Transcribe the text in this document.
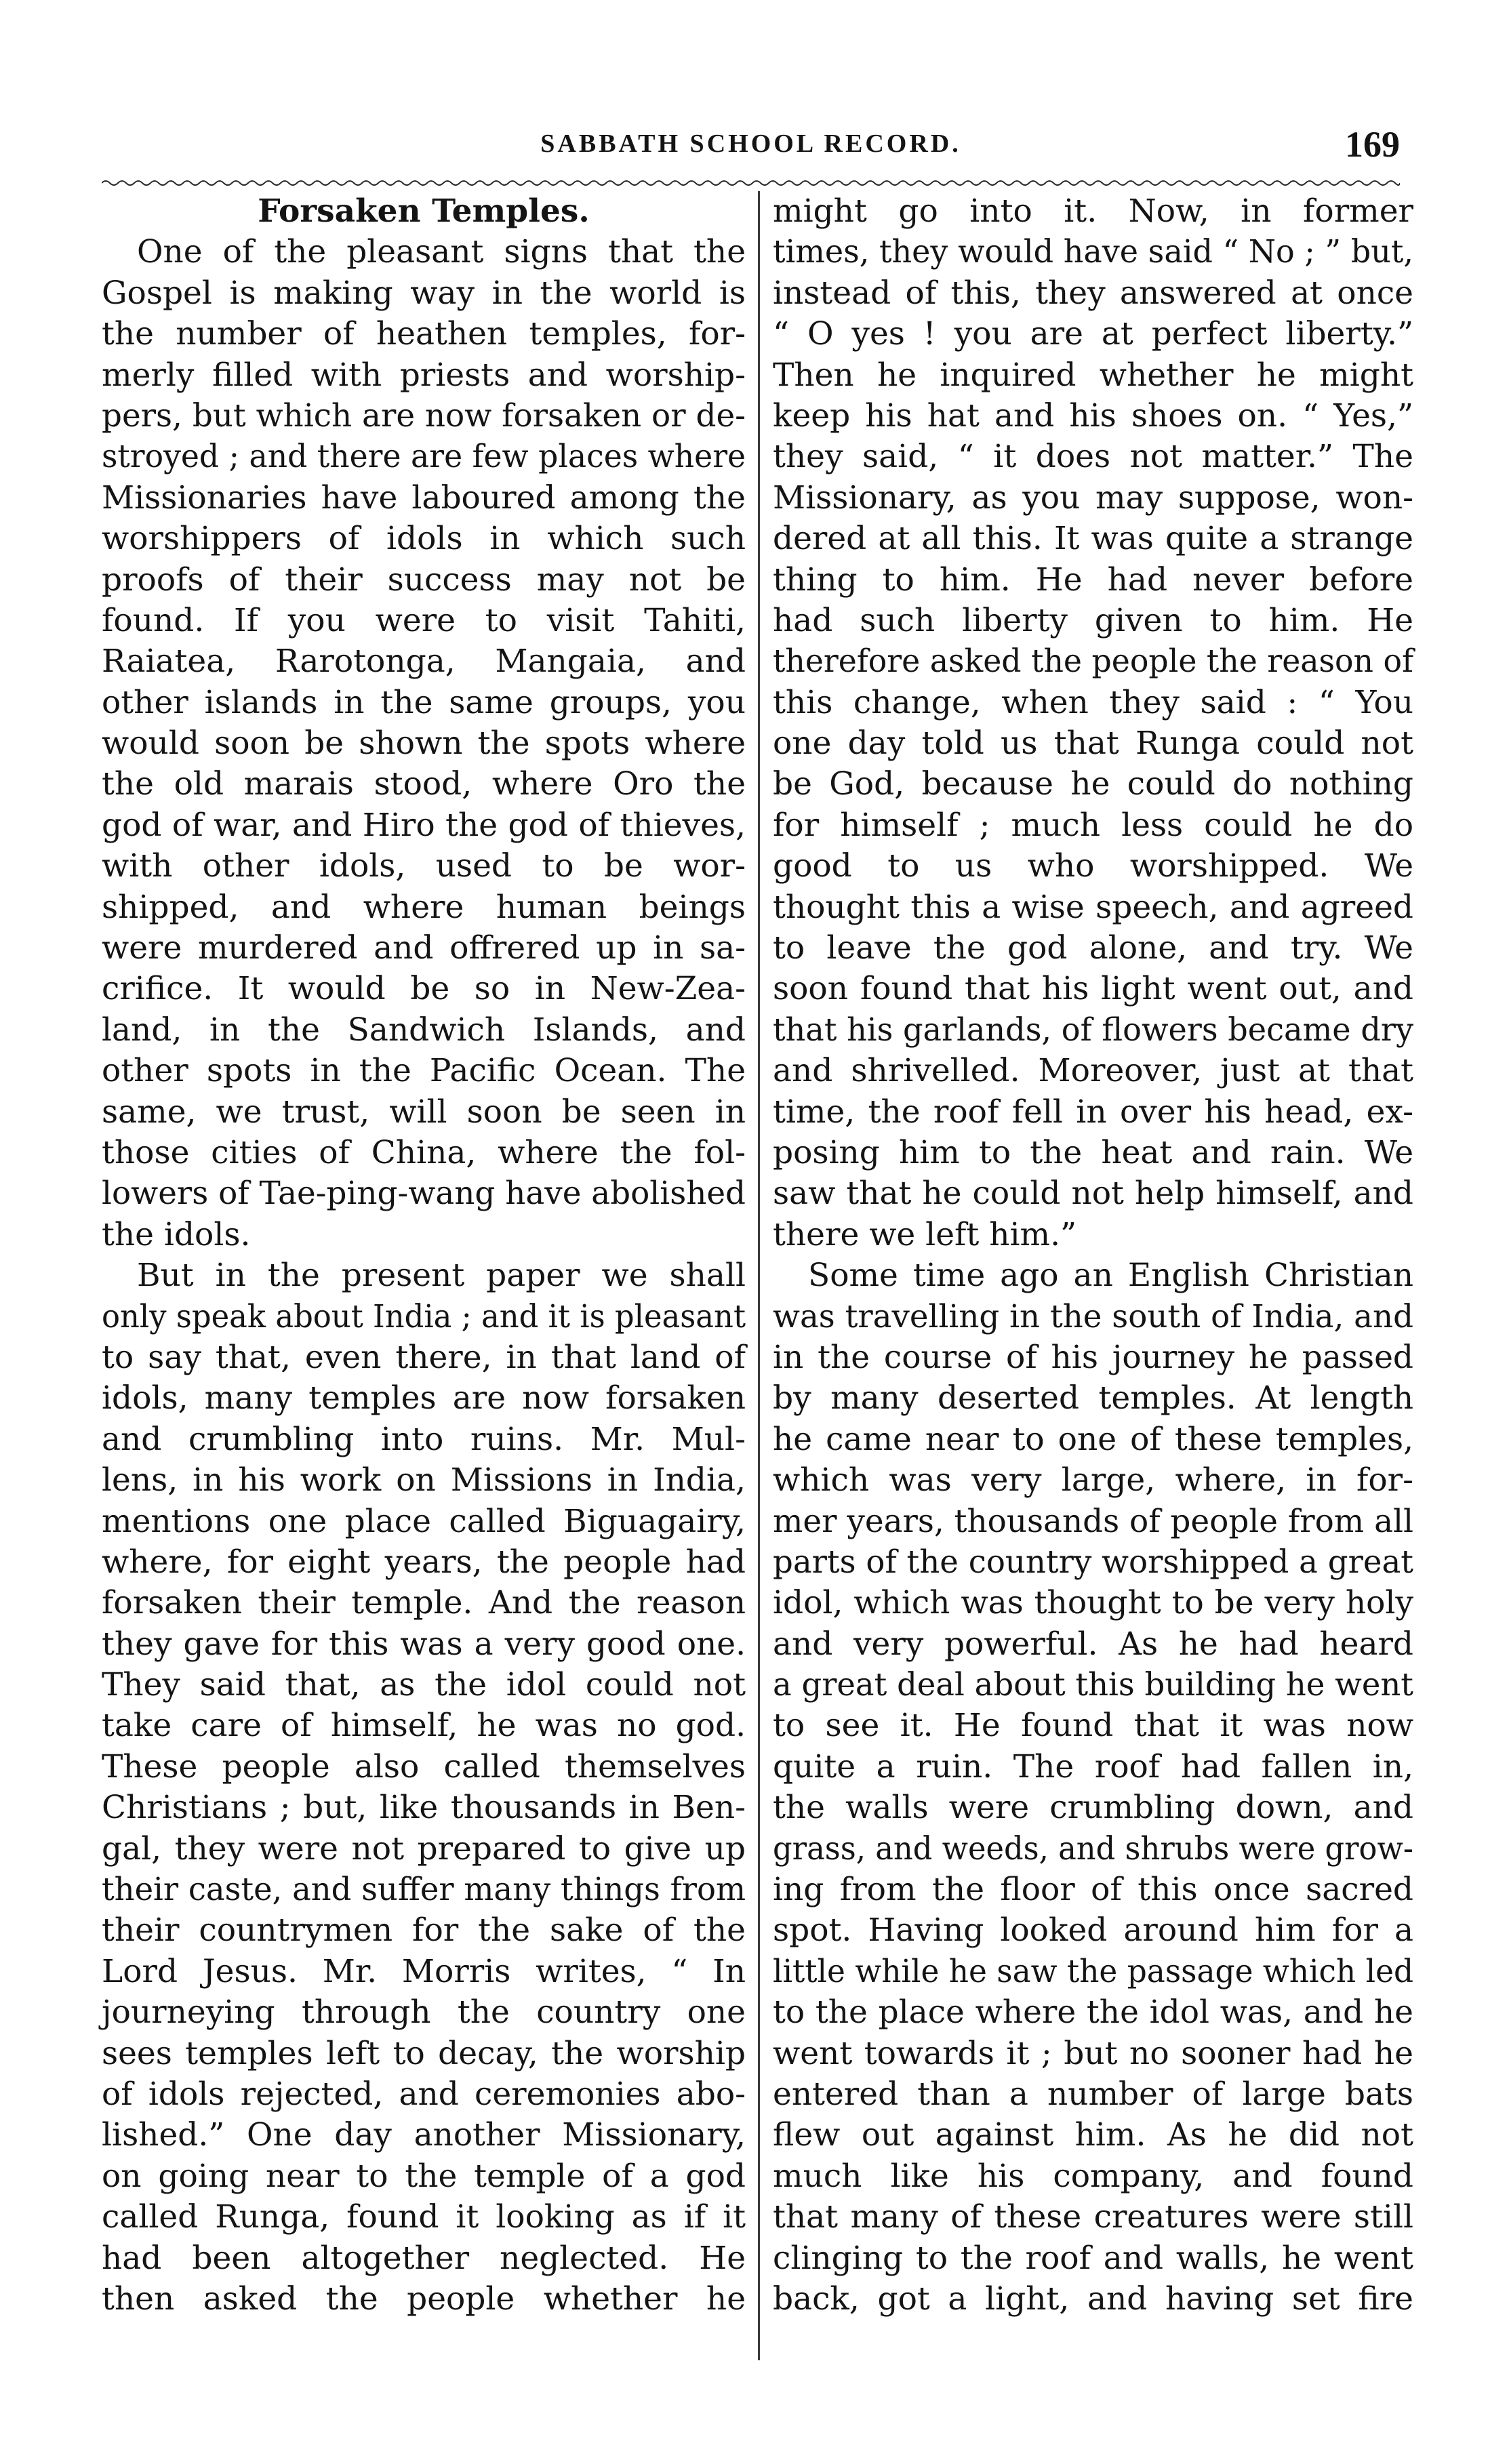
SABBATH SCHOOL RECORD.	169
Forsaken Temples.
One of the pleasant signs that the
Gospel is making way in the world is
the number of heathen temples, for-
merly filled with priests and worship-
pers, but which are now forsaken or de-
stroyed ; and there are few places where
Missionaries have laboured among the
worshippers of idols in which such
proofs of their success may not be
found. If you were to visit Tahiti,
Raiatea, Rarotonga, Mangaia, and
other islands in the same groups, you
would soon be shown the spots where
the old marais stood, where Oro the
god of war, and Hiro the god of thieves,
with other idols, used to be wor-
shipped, and where human beings
were murdered and offrered up in sa-
crifice. It would be so in New-Zea-
land, in the Sandwich Islands, and
other spots in the Pacific Ocean. The
same, we trust, will soon be seen in
those cities of China, where the fol-
lowers of Tae-ping-wang have abolished
the idols.
But in the present paper we shall
only speak about India ; and it is pleasant
to say that, even there, in that land of
idols, many temples are now forsaken
and crumbling into ruins. Mr. Mul-
lens, in his work on Missions in India,
mentions one place called Biguagairy,
where, for eight years, the people had
forsaken their temple. And the reason
they gave for this was a very good one.
They said that, as the idol could not
take care of himself, he was no god.
These people also called themselves
Christians ; but, like thousands in Ben-
gal, they were not prepared to give up
their caste, and suffer many things from
their countrymen for the sake of the
Lord Jesus. Mr. Morris writes, “ In
journeying through the country one
sees temples left to decay, the worship
of idols rejected, and ceremonies abo-
lished.” One day another Missionary,
on going near to the temple of a god
called Runga, found it looking as if it
had been altogether neglected. He
then asked the people whether he
might go into it. Now, in former
times, they would have said “ No ; ” but,
instead of this, they answered at once
“ O yes ! you are at perfect liberty.”
Then he inquired whether he might
keep his hat and his shoes on. “ Yes,”
they said, “ it does not matter.” The
Missionary, as you may suppose, won-
dered at all this. It was quite a strange
thing to him. He had never before
had such liberty given to him. He
therefore asked the people the reason of
this change, when they said : “ You
one day told us that Runga could not
be God, because he could do nothing
for himself ; much less could he do
good to us who worshipped. We
thought this a wise speech, and agreed
to leave the god alone, and try. We
soon found that his light went out, and
that his garlands, of flowers became dry
and shrivelled. Moreover, just at that
time, the roof fell in over his head, ex-
posing him to the heat and rain. We
saw that he could not help himself, and
there we left him.”
Some time ago an English Christian
was travelling in the south of India, and
in the course of his journey he passed
by many deserted temples. At length
he came near to one of these temples,
which was very large, where, in for-
mer years, thousands of people from all
parts of the country worshipped a great
idol, which was thought to be very holy
and very powerful. As he had heard
a great deal about this building he went
to see it. He found that it was now
quite a ruin. The roof had fallen in,
the walls were crumbling down, and
grass, and weeds, and shrubs were grow-
ing from the floor of this once sacred
spot. Having looked around him for a
little while he saw the passage which led
to the place where the idol was, and he
went towards it ; but no sooner had he
entered than a number of large bats
flew out against him. As he did not
much like his company, and found
that many of these creatures were still
clinging to the roof and walls, he went
back, got a light, and having set fire
